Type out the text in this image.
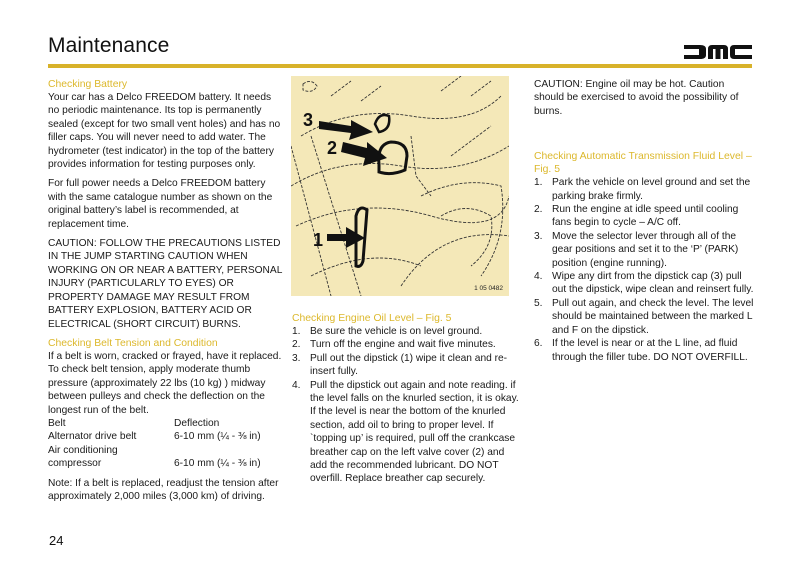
Maintenance
Checking Battery

Your car has a Delco FREEDOM battery. It needs no periodic maintenance. Its top is permanently sealed (except for two small vent holes) and has no filler caps. You will never need to add water. The hydrometer (test indicator) in the top of the battery provides information for testing purposes only.

For full power needs a Delco FREEDOM battery with the same catalogue number as shown on the original battery’s label is recommended, at replacement time.

CAUTION: FOLLOW THE PRECAUTIONS LISTED IN THE JUMP STARTING CAUTION WHEN WORKING ON OR NEAR A BATTERY, PERSONAL INJURY (PARTICULARLY TO EYES) OR PROPERTY DAMAGE MAY RESULT FROM BATTERY EXPLOSION, BATTERY ACID OR ELECTRICAL (SHORT CIRCUIT) BURNS.

Checking Belt Tension and Condition

If a belt is worn, cracked or frayed, have it replaced. To check belt tension, apply moderate thumb pressure (approximately 22 lbs (10 kg) ) midway between pulleys and check the deflection on the longest run of the belt.

Belt	Deflection
Alternator drive belt	6-10 mm (¼ - ⅜ in)
Air conditioning	
compressor	6-10 mm (¼ - ⅜ in)

Note: If a belt is replaced, readjust the tension after approximately 2,000 miles (3,000 km) of driving.

3
2
1
1 05 0482
Checking Engine Oil Level – Fig. 5
1. Be sure the vehicle is on level ground.
2. Turn off the engine and wait five minutes.
3. Pull out the dipstick (1) wipe it clean and re-insert fully.
4. Pull the dipstick out again and note reading. if the level falls on the knurled section, it is okay. If the level is near the bottom of the knurled section, add oil to bring to proper level. If `topping up’ is required, pull off the crankcase breather cap on the left valve cover (2) and add the recommended lubricant. DO NOT overfill. Replace breather cap securely.

CAUTION: Engine oil may be hot. Caution should be exercised to avoid the possibility of burns.

Checking Automatic Transmission Fluid Level – Fig. 5
1. Park the vehicle on level ground and set the parking brake firmly.
2. Run the engine at idle speed until cooling fans begin to cycle – A/C off.
3. Move the selector lever through all of the gear positions and set it to the ‘P’ (PARK) position (engine running).
4. Wipe any dirt from the dipstick cap (3) pull out the dipstick, wipe clean and reinsert fully.
5. Pull out again, and check the level. The level should be maintained between the marked L and F on the dipstick.
6. If the level is near or at the L line, ad fluid through the filler tube. DO NOT OVERFILL.
24
